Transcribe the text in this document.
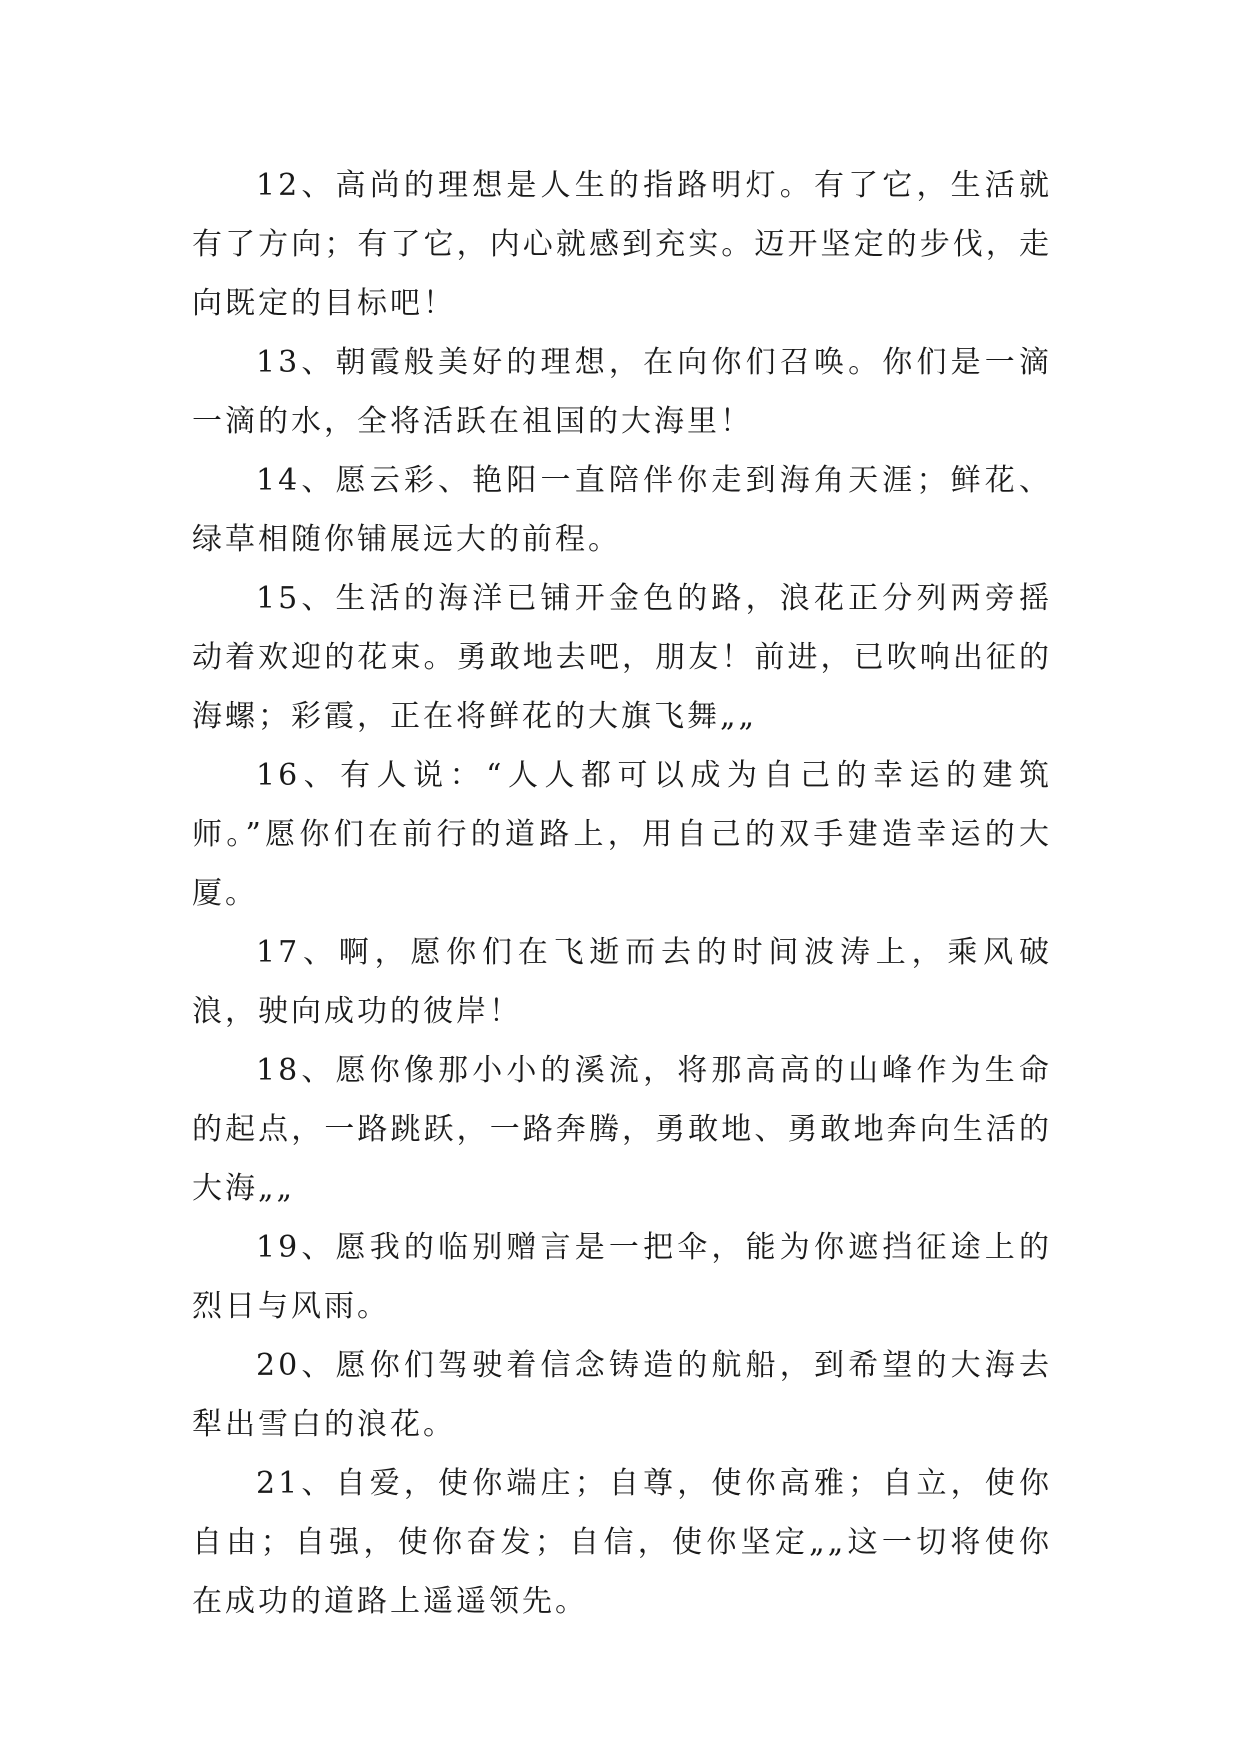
12、高尚的理想是人生的指路明灯。有了它，生活就有了方向；有了它，内心就感到充实。迈开坚定的步伐，走向既定的目标吧！

13、朝霞般美好的理想，在向你们召唤。你们是一滴一滴的水，全将活跃在祖国的大海里！

14、愿云彩、艳阳一直陪伴你走到海角天涯；鲜花、绿草相随你铺展远大的前程。

15、生活的海洋已铺开金色的路，浪花正分列两旁摇动着欢迎的花束。勇敢地去吧，朋友！前进，已吹响出征的海螺；彩霞，正在将鲜花的大旗飞舞„„

16、有人说：“人人都可以成为自己的幸运的建筑师。”愿你们在前行的道路上，用自己的双手建造幸运的大厦。

17、啊，愿你们在飞逝而去的时间波涛上，乘风破浪，驶向成功的彼岸！

18、愿你像那小小的溪流，将那高高的山峰作为生命的起点，一路跳跃，一路奔腾，勇敢地、勇敢地奔向生活的大海„„

19、愿我的临别赠言是一把伞，能为你遮挡征途上的烈日与风雨。

20、愿你们驾驶着信念铸造的航船，到希望的大海去犁出雪白的浪花。

21、自爱，使你端庄；自尊，使你高雅；自立，使你自由；自强，使你奋发；自信，使你坚定„„这一切将使你在成功的道路上遥遥领先。
